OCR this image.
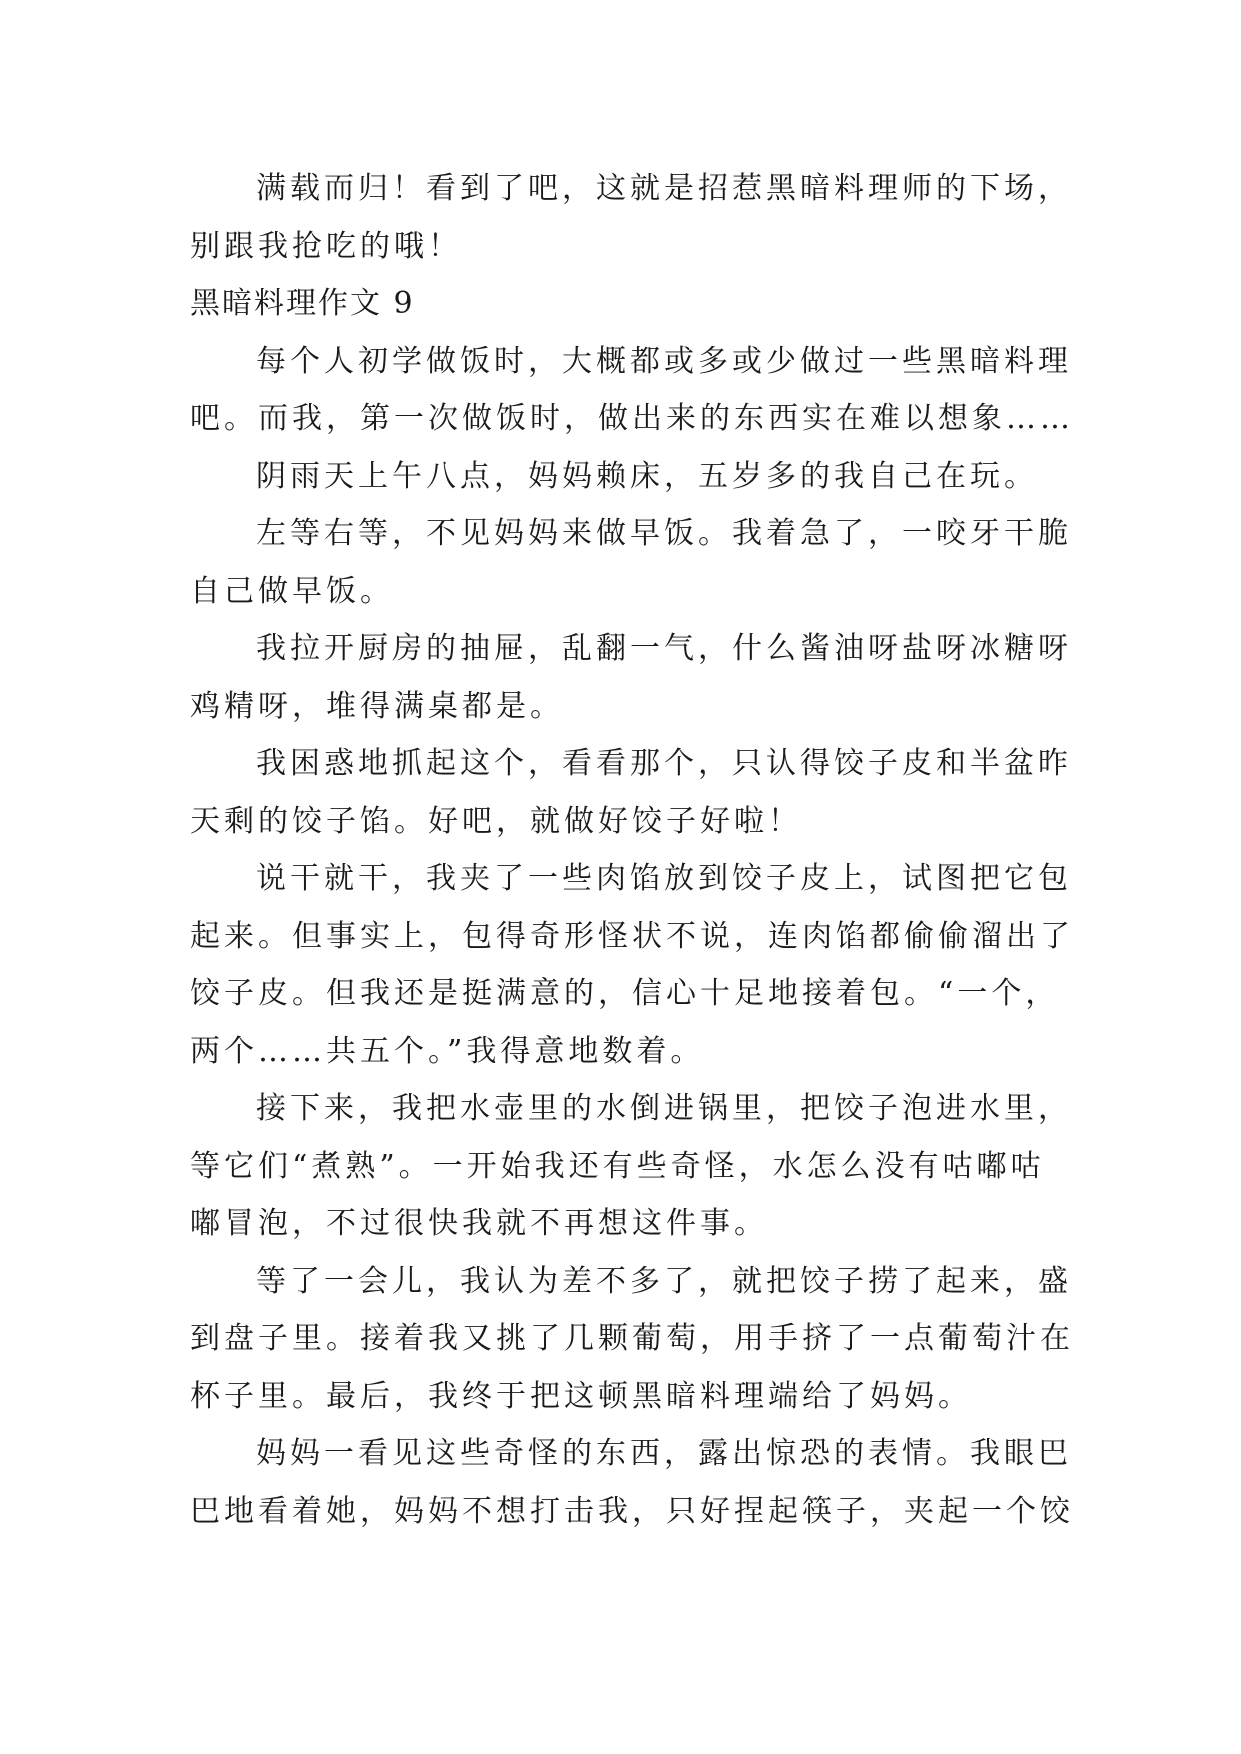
满载而归！看到了吧，这就是招惹黑暗料理师的下场，
别跟我抢吃的哦！
黑暗料理作文 9
每个人初学做饭时，大概都或多或少做过一些黑暗料理
吧。而我，第一次做饭时，做出来的东西实在难以想象……
阴雨天上午八点，妈妈赖床，五岁多的我自己在玩。
左等右等，不见妈妈来做早饭。我着急了，一咬牙干脆
自己做早饭。
我拉开厨房的抽屉，乱翻一气，什么酱油呀盐呀冰糖呀
鸡精呀，堆得满桌都是。
我困惑地抓起这个，看看那个，只认得饺子皮和半盆昨
天剩的饺子馅。好吧，就做好饺子好啦！
说干就干，我夹了一些肉馅放到饺子皮上，试图把它包
起来。但事实上，包得奇形怪状不说，连肉馅都偷偷溜出了
饺子皮。但我还是挺满意的，信心十足地接着包。“一个，
两个……共五个。”我得意地数着。
接下来，我把水壶里的水倒进锅里，把饺子泡进水里，
等它们“煮熟”。一开始我还有些奇怪，水怎么没有咕嘟咕
嘟冒泡，不过很快我就不再想这件事。
等了一会儿，我认为差不多了，就把饺子捞了起来，盛
到盘子里。接着我又挑了几颗葡萄，用手挤了一点葡萄汁在
杯子里。最后，我终于把这顿黑暗料理端给了妈妈。
妈妈一看见这些奇怪的东西，露出惊恐的表情。我眼巴
巴地看着她，妈妈不想打击我，只好捏起筷子，夹起一个饺
